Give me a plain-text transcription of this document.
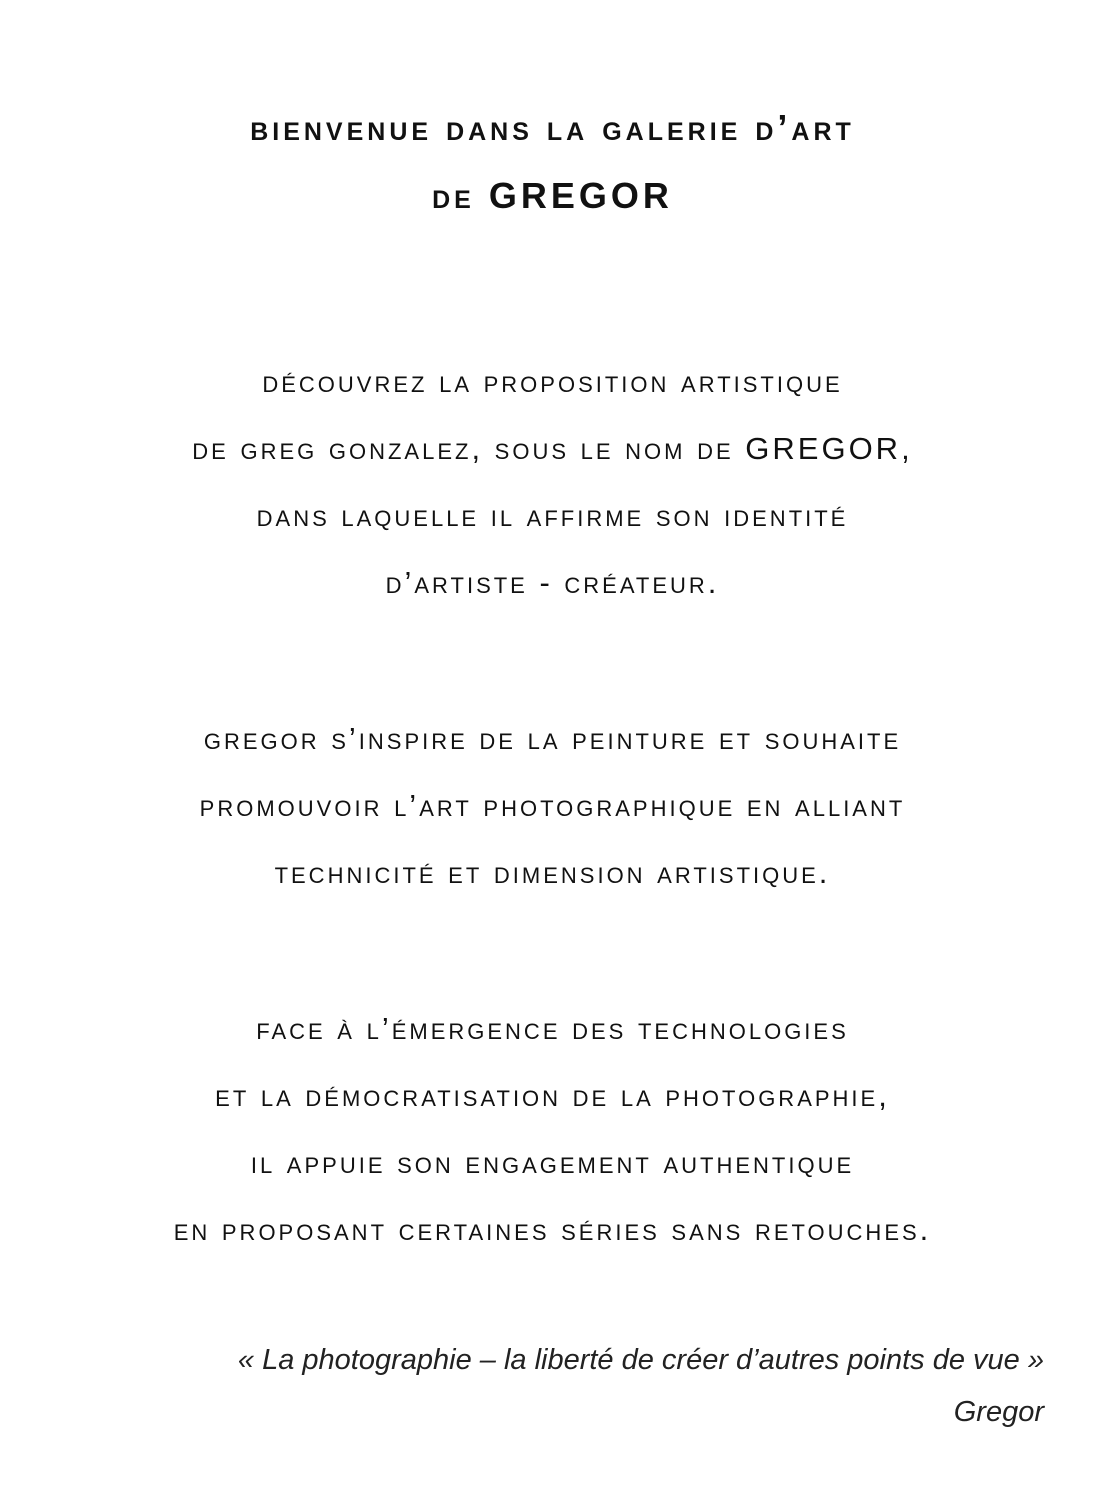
bienvenue dans la galerie d’art
de GREGOR

découvrez la proposition artistique

de greg gonzalez, sous le nom de GREGOR,

dans laquelle il affirme son identité

d’artiste - créateur.

gregor s’inspire de la peinture et souhaite

promouvoir l’art photographique en alliant

technicité et dimension artistique.

face à l’émergence des technologies

et la démocratisation de la photographie,

il appuie son engagement authentique

en proposant certaines séries sans retouches.

« La photographie – la liberté de créer d’autres points de vue »

Gregor
